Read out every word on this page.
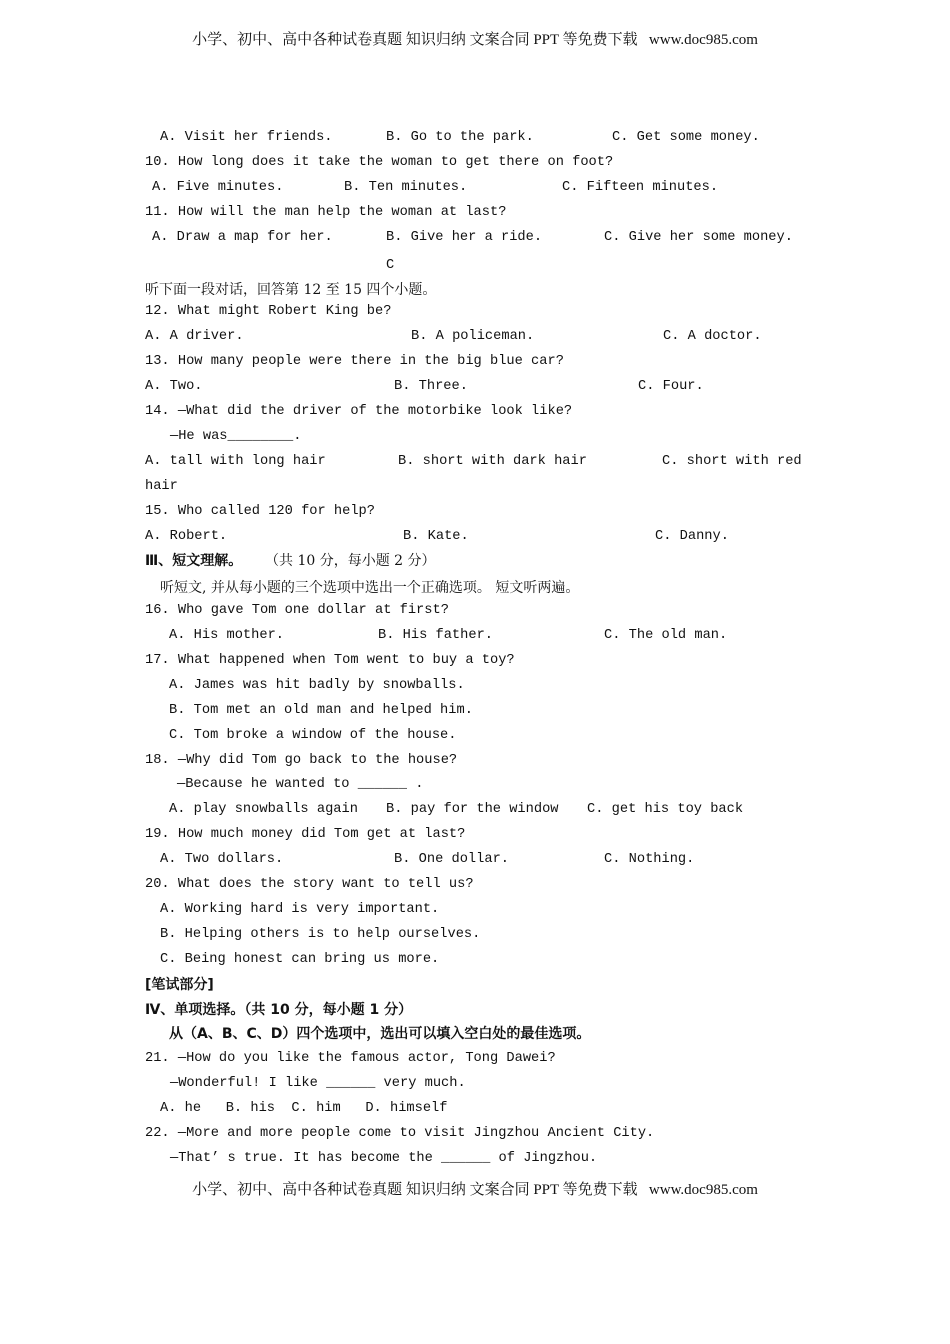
小学、初中、高中各种试卷真题 知识归纳 文案合同 PPT 等免费下载   www.doc985.com
小学、初中、高中各种试卷真题 知识归纳 文案合同 PPT 等免费下载   www.doc985.com
A. Visit her friends.	B. Go to the park.	C. Get some money.
10. How long does it take the woman to get there on foot?
A. Five minutes.	B. Ten minutes.	C. Fifteen minutes.
11. How will the man help the woman at last?
A. Draw a map for her.	B. Give her a ride.	C. Give her some money.
C
听下面一段对话，回答第 12 至 15 四个小题。
12. What might Robert King be?
A. A driver.	B. A policeman.	C. A doctor.
13. How many people were there in the big blue car?
A. Two.	B. Three.	C. Four.
14. —What did the driver of the motorbike look like?
—He was________.
A. tall with long hair	B. short with dark hair	C. short with red
hair
15. Who called 120 for help?
A. Robert.	B. Kate.	C. Danny.
Ⅲ、短文理解。 （共 10 分，每小题 2 分）
听短文, 并从每小题的三个选项中选出一个正确选项。 短文听两遍。
16. Who gave Tom one dollar at first?
A. His mother.	B. His father.	C. The old man.
17. What happened when Tom went to buy a toy?
A. James was hit badly by snowballs.
B. Tom met an old man and helped him.
C. Tom broke a window of the house.
18. —Why did Tom go back to the house?
—Because he wanted to ______ .
A. play snowballs again B. pay for the window C. get his toy back
19. How much money did Tom get at last?
A. Two dollars.	B. One dollar.	C. Nothing.
20. What does the story want to tell us?
A. Working hard is very important.
B. Helping others is to help ourselves.
C. Being honest can bring us more.
[笔试部分]
Ⅳ、单项选择。（共 10 分，每小题 1 分）
从（A、B、C、D）四个选项中，选出可以填入空白处的最佳选项。
21. —How do you like the famous actor, Tong Dawei?
—Wonderful! I like ______ very much.
A. he   B. his  C. him   D. himself
22. —More and more people come to visit Jingzhou Ancient City.
—That’ s true. It has become the ______ of Jingzhou.
